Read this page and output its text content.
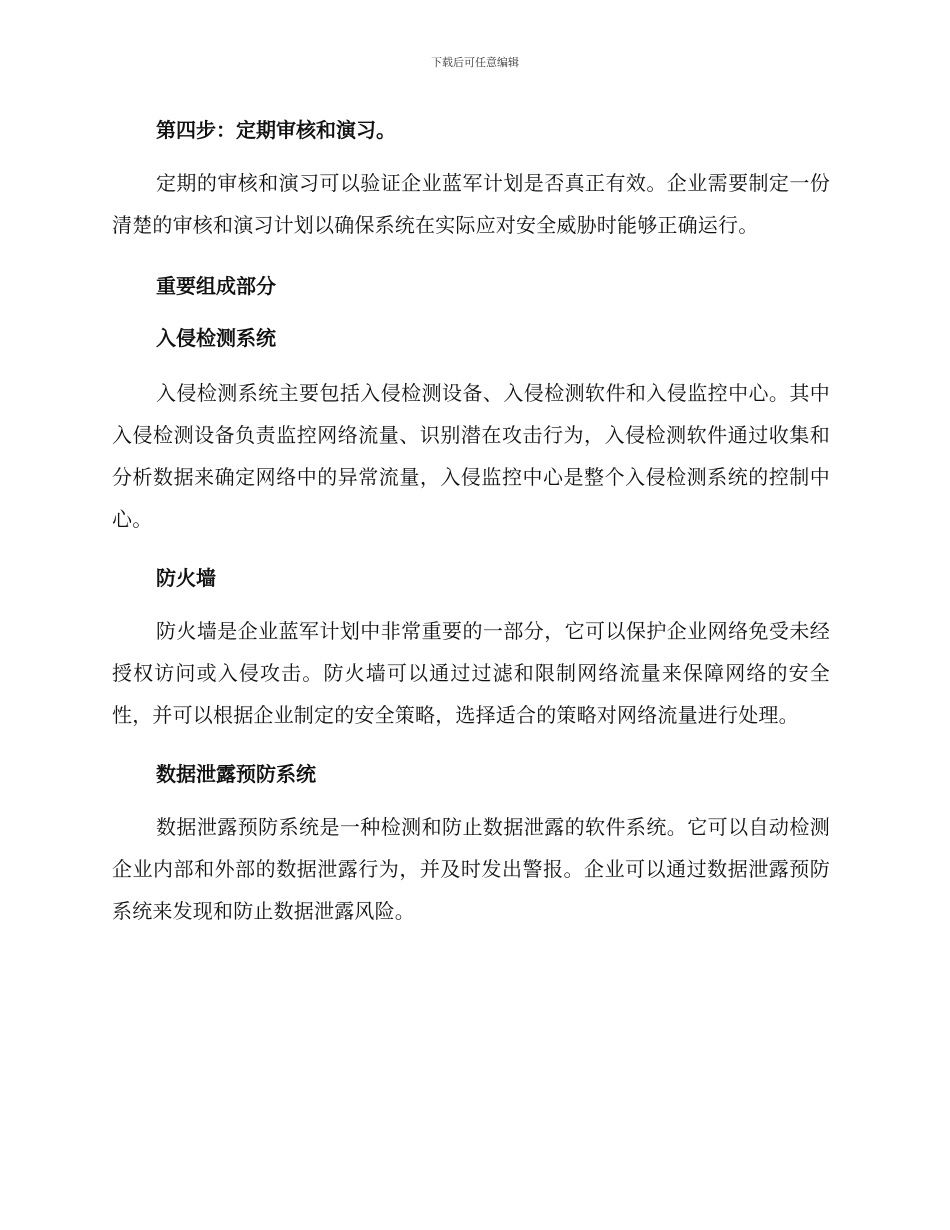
下载后可任意编辑
第四步：定期审核和演习。

定期的审核和演习可以验证企业蓝军计划是否真正有效。企业需要制定一份清楚的审核和演习计划以确保系统在实际应对安全威胁时能够正确运行。

重要组成部分
入侵检测系统

入侵检测系统主要包括入侵检测设备、入侵检测软件和入侵监控中心。其中入侵检测设备负责监控网络流量、识别潜在攻击行为，入侵检测软件通过收集和分析数据来确定网络中的异常流量，入侵监控中心是整个入侵检测系统的控制中心。

防火墙

防火墙是企业蓝军计划中非常重要的一部分，它可以保护企业网络免受未经授权访问或入侵攻击。防火墙可以通过过滤和限制网络流量来保障网络的安全性，并可以根据企业制定的安全策略，选择适合的策略对网络流量进行处理。

数据泄露预防系统

数据泄露预防系统是一种检测和防止数据泄露的软件系统。它可以自动检测企业内部和外部的数据泄露行为，并及时发出警报。企业可以通过数据泄露预防系统来发现和防止数据泄露风险。
